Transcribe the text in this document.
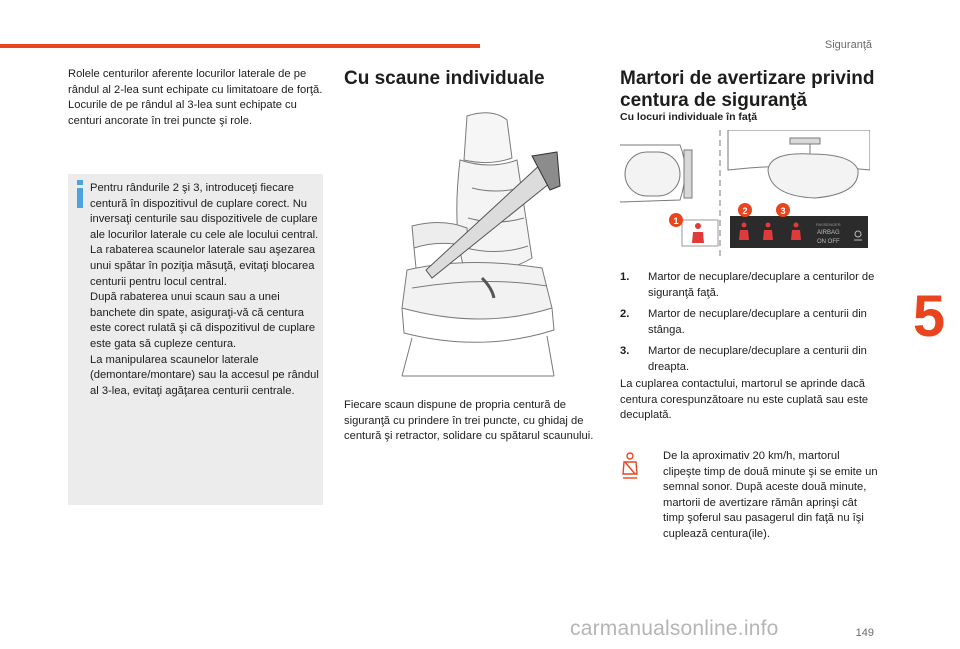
Siguranţă
5

Rolele centurilor aferente locurilor laterale de pe rândul al 2-lea sunt echipate cu limitatoare de forţă.

Locurile de pe rândul al 3-lea sunt echipate cu centuri ancorate în trei puncte şi role.

Pentru rândurile 2 şi 3, introduceţi fiecare centură în dispozitivul de cuplare corect. Nu inversaţi centurile sau dispozitivele de cuplare ale locurilor laterale cu cele ale locului central.

La rabaterea scaunelor laterale sau aşezarea unui spătar în poziţia măsuţă, evitaţi blocarea centurii pentru locul central.

După rabaterea unui scaun sau a unei banchete din spate, asiguraţi-vă că centura este corect rulată şi că dispozitivul de cuplare este gata să cupleze centura.

La manipularea scaunelor laterale (demontare/montare) sau la accesul pe rândul al 3-lea, evitaţi agăţarea centurii centrale.

Cu scaune individuale
Fiecare scaun dispune de propria centură de siguranţă cu prindere în trei puncte, cu ghidaj de centură şi retractor, solidare cu spătarul scaunului.
Martori de avertizare privind centura de siguranţă
Cu locuri individuale în faţă
PASSENGER
AIRBAG
ON OFF
1
2	3
1.	Martor de necuplare/decuplare a centurilor de siguranţă faţă.
2.	Martor de necuplare/decuplare a centurii din stânga.
3.	Martor de necuplare/decuplare a centurii din dreapta.
La cuplarea contactului, martorul se aprinde dacă centura corespunzătoare nu este cuplată sau este decuplată.
De la aproximativ 20 km/h, martorul clipeşte timp de două minute şi se emite un semnal sonor. După aceste două minute, martorii de avertizare rămân aprinşi cât timp şoferul sau pasagerul din faţă nu îşi cuplează centura(ile).
149
carmanualsonline.info
